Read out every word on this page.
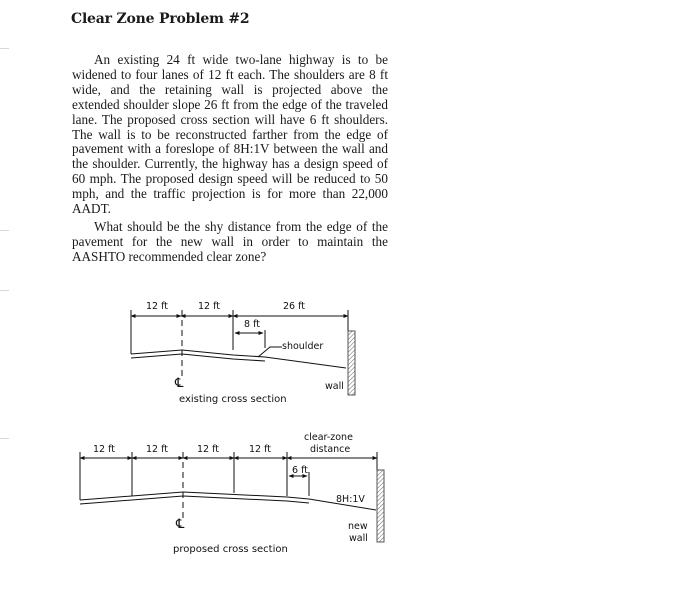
Clear Zone Problem #2

An existing 24 ft wide two-lane highway is to be widened to four lanes of 12 ft each. The shoulders are 8 ft wide, and the retaining wall is projected above the extended shoulder slope 26 ft from the edge of the traveled lane. The proposed cross section will have 6 ft shoulders. The wall is to be reconstructed farther from the edge of pavement with a foreslope of 8H:1V between the wall and the shoulder. Currently, the highway has a design speed of 60 mph. The proposed design speed will be reduced to 50 mph, and the traffic projection is for more than 22,000 AADT.

What should be the shy distance from the edge of the pavement for the new wall in order to maintain the AASHTO recommended clear zone?

12 ft	12 ft	26 ft
8 ft
shoulder
wall
℄
existing cross section
12 ft	12 ft	12 ft	12 ft
clear-zone
distance
6 ft
8H:1V
new
wall
℄
proposed cross section
